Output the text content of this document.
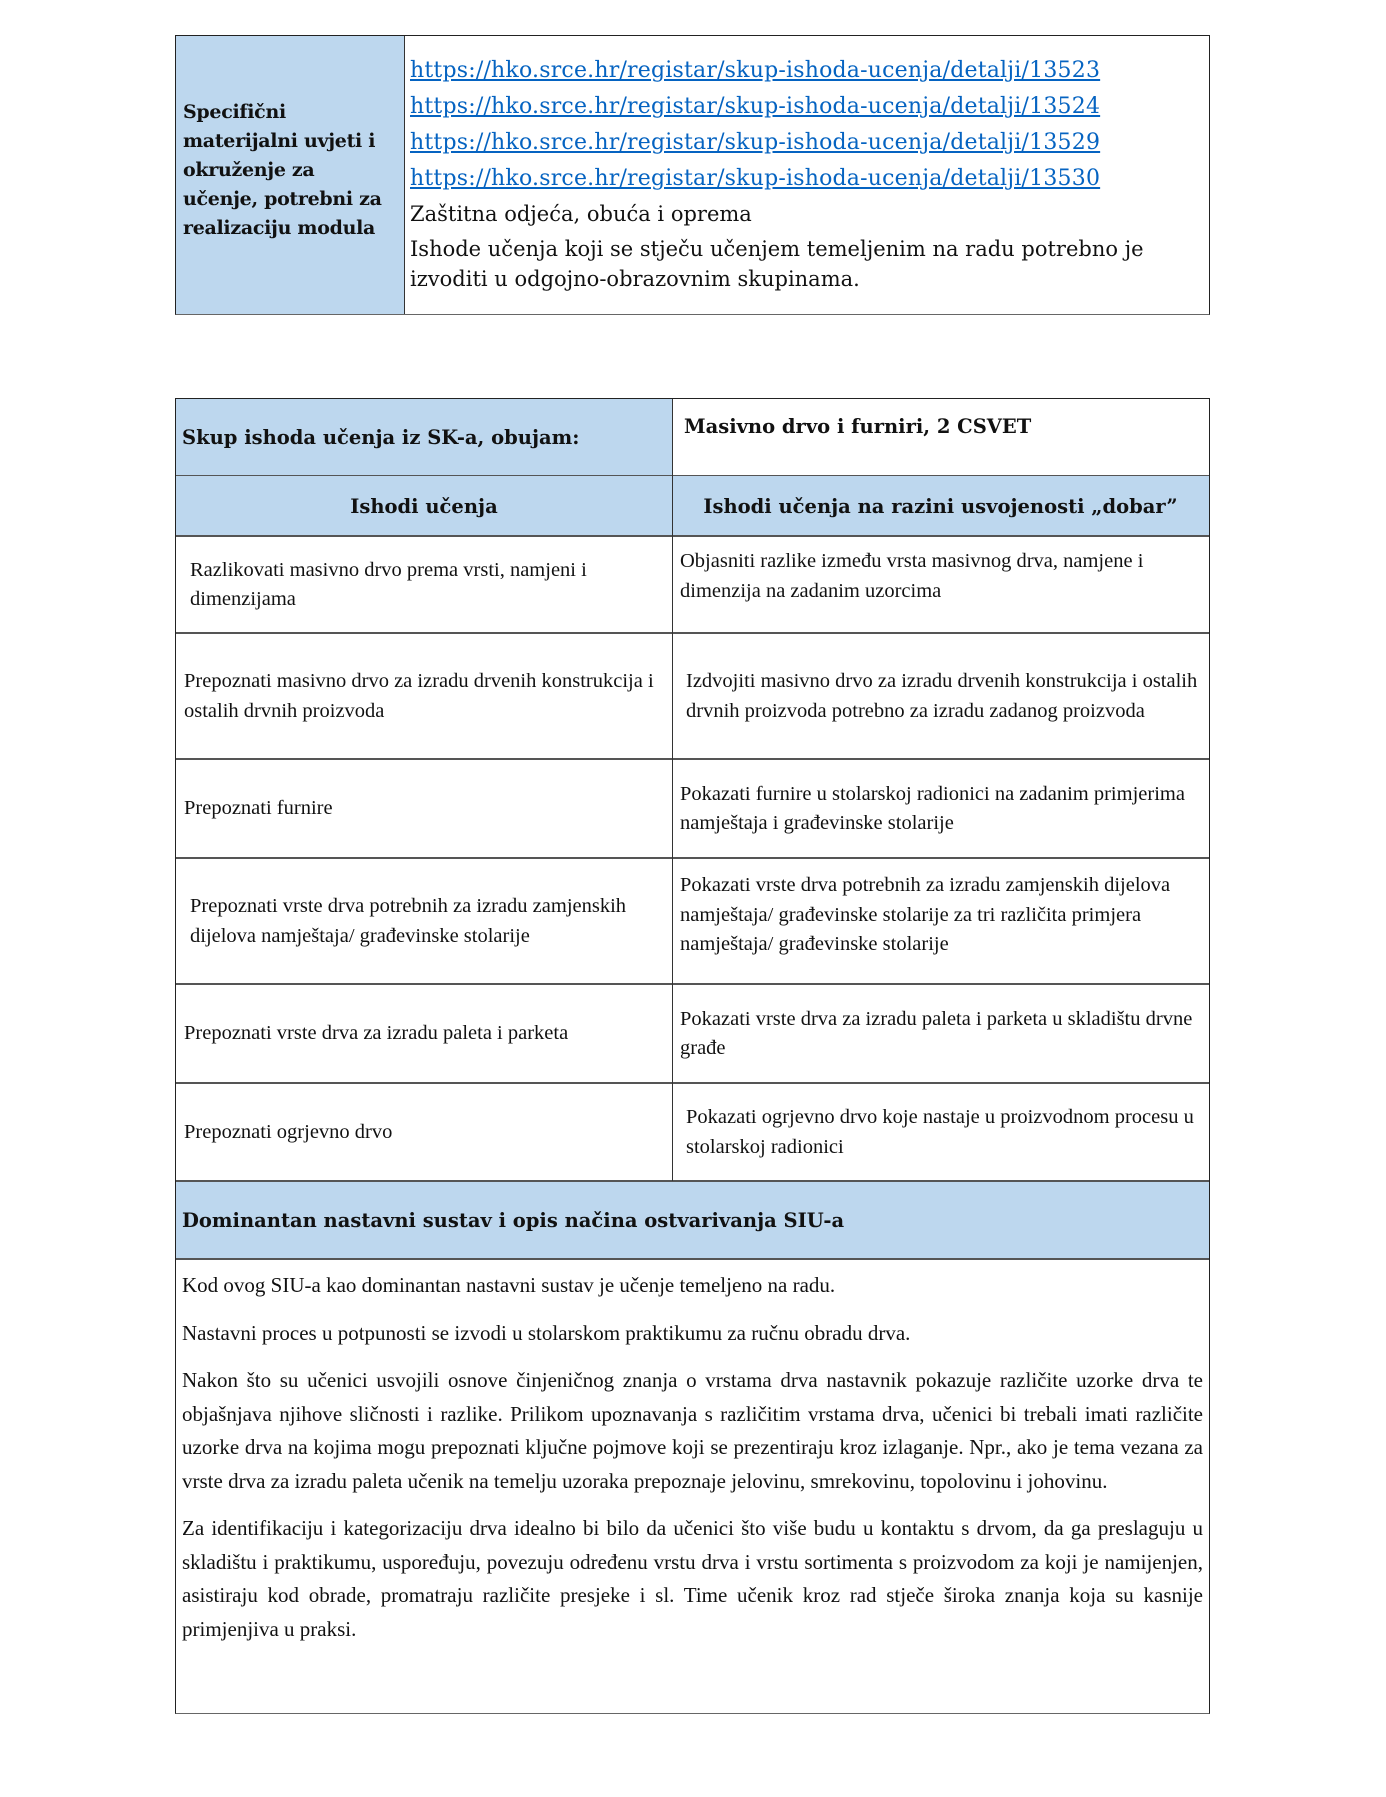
Specifični
materijalni uvjeti i
okruženje za
učenje, potrebni za
realizaciju modula
https://hko.srce.hr/registar/skup-ishoda-ucenja/detalji/13523
https://hko.srce.hr/registar/skup-ishoda-ucenja/detalji/13524
https://hko.srce.hr/registar/skup-ishoda-ucenja/detalji/13529
https://hko.srce.hr/registar/skup-ishoda-ucenja/detalji/13530
Zaštitna odjeća, obuća i oprema
Ishode učenja koji se stječu učenjem temeljenim na radu potrebno je izvoditi u odgojno-obrazovnim skupinama.
Skup ishoda učenja iz SK-a, obujam:	Masivno drvo i furniri, 2 CSVET
Ishodi učenja	Ishodi učenja na razini usvojenosti „dobar”
Razlikovati masivno drvo prema vrsti, namjeni i dimenzijama
Objasniti razlike između vrsta masivnog drva, namjene i dimenzija na zadanim uzorcima
Prepoznati masivno drvo za izradu drvenih konstrukcija i ostalih drvnih proizvoda
Izdvojiti masivno drvo za izradu drvenih konstrukcija i ostalih drvnih proizvoda potrebno za izradu zadanog proizvoda
Prepoznati furnire
Pokazati furnire u stolarskoj radionici na zadanim primjerima namještaja i građevinske stolarije
Prepoznati vrste drva potrebnih za izradu zamjenskih dijelova namještaja/ građevinske stolarije
Pokazati vrste drva potrebnih za izradu zamjenskih dijelova namještaja/ građevinske stolarije za tri različita primjera namještaja/ građevinske stolarije
Prepoznati vrste drva za izradu paleta i parketa
Pokazati vrste drva za izradu paleta i parketa u skladištu drvne građe
Prepoznati ogrjevno drvo
Pokazati ogrjevno drvo koje nastaje u proizvodnom procesu u stolarskoj radionici
Dominantan nastavni sustav i opis načina ostvarivanja SIU-a

Kod ovog SIU-a kao dominantan nastavni sustav je učenje temeljeno na radu.

Nastavni proces u potpunosti se izvodi u stolarskom praktikumu za ručnu obradu drva.

Nakon što su učenici usvojili osnove činjeničnog znanja o vrstama drva nastavnik pokazuje različite uzorke drva te objašnjava njihove sličnosti i razlike. Prilikom upoznavanja s različitim vrstama drva, učenici bi trebali imati različite uzorke drva na kojima mogu prepoznati ključne pojmove koji se prezentiraju kroz izlaganje. Npr., ako je tema vezana za vrste drva za izradu paleta učenik na temelju uzoraka prepoznaje jelovinu, smrekovinu, topolovinu i johovinu.

Za identifikaciju i kategorizaciju drva idealno bi bilo da učenici što više budu u kontaktu s drvom, da ga preslaguju u skladištu i praktikumu, uspoređuju, povezuju određenu vrstu drva i vrstu sortimenta s proizvodom za koji je namijenjen, asistiraju kod obrade, promatraju različite presjeke i sl. Time učenik kroz rad stječe široka znanja koja su kasnije primjenjiva u praksi.
